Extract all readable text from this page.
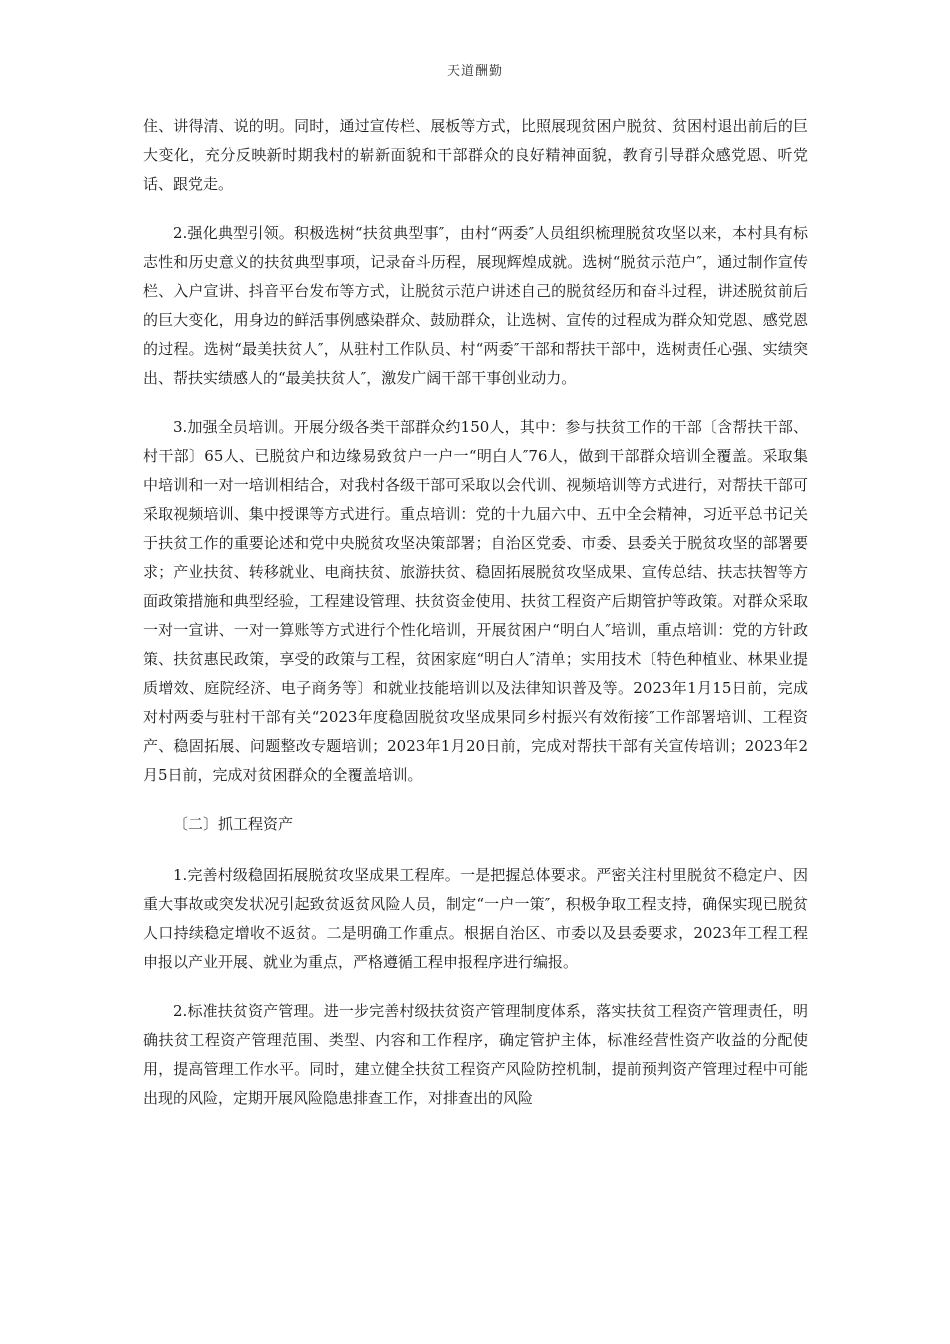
天道酬勤

住、讲得清、说的明。同时，通过宣传栏、展板等方式，比照展现贫困户脱贫、贫困村退出前后的巨大变化，充分反映新时期我村的崭新面貌和干部群众的良好精神面貌，教育引导群众感党恩、听党话、跟党走。

2.强化典型引领。积极选树“扶贫典型事″，由村“两委″人员组织梳理脱贫攻坚以来，本村具有标志性和历史意义的扶贫典型事项，记录奋斗历程，展现辉煌成就。选树“脱贫示范户″，通过制作宣传栏、入户宣讲、抖音平台发布等方式，让脱贫示范户讲述自己的脱贫经历和奋斗过程，讲述脱贫前后的巨大变化，用身边的鲜活事例感染群众、鼓励群众，让选树、宣传的过程成为群众知党恩、感党恩的过程。选树“最美扶贫人″，从驻村工作队员、村“两委″干部和帮扶干部中，选树责任心强、实绩突出、帮扶实绩感人的“最美扶贫人″，激发广阔干部干事创业动力。

3.加强全员培训。开展分级各类干部群众约150人，其中：参与扶贫工作的干部〔含帮扶干部、村干部〕65人、已脱贫户和边缘易致贫户一户一“明白人″76人，做到干部群众培训全覆盖。采取集中培训和一对一培训相结合，对我村各级干部可采取以会代训、视频培训等方式进行，对帮扶干部可采取视频培训、集中授课等方式进行。重点培训：党的十九届六中、五中全会精神，习近平总书记关于扶贫工作的重要论述和党中央脱贫攻坚决策部署；自治区党委、市委、县委关于脱贫攻坚的部署要求；产业扶贫、转移就业、电商扶贫、旅游扶贫、稳固拓展脱贫攻坚成果、宣传总结、扶志扶智等方面政策措施和典型经验，工程建设管理、扶贫资金使用、扶贫工程资产后期管护等政策。对群众采取一对一宣讲、一对一算账等方式进行个性化培训，开展贫困户“明白人″培训，重点培训：党的方针政策、扶贫惠民政策，享受的政策与工程，贫困家庭“明白人″清单；实用技术〔特色种植业、林果业提质增效、庭院经济、电子商务等〕和就业技能培训以及法律知识普及等。2023年1月15日前，完成对村两委与驻村干部有关“2023年度稳固脱贫攻坚成果同乡村振兴有效衔接″工作部署培训、工程资产、稳固拓展、问题整改专题培训；2023年1月20日前，完成对帮扶干部有关宣传培训；2023年2月5日前，完成对贫困群众的全覆盖培训。

〔二〕抓工程资产

1.完善村级稳固拓展脱贫攻坚成果工程库。一是把握总体要求。严密关注村里脱贫不稳定户、因重大事故或突发状况引起致贫返贫风险人员，制定“一户一策″，积极争取工程支持，确保实现已脱贫人口持续稳定增收不返贫。二是明确工作重点。根据自治区、市委以及县委要求，2023年工程工程申报以产业开展、就业为重点，严格遵循工程申报程序进行编报。

2.标准扶贫资产管理。进一步完善村级扶贫资产管理制度体系，落实扶贫工程资产管理责任，明确扶贫工程资产管理范围、类型、内容和工作程序，确定管护主体，标准经营性资产收益的分配使用，提高管理工作水平。同时，建立健全扶贫工程资产风险防控机制，提前预判资产管理过程中可能出现的风险，定期开展风险隐患排查工作，对排查出的风险
